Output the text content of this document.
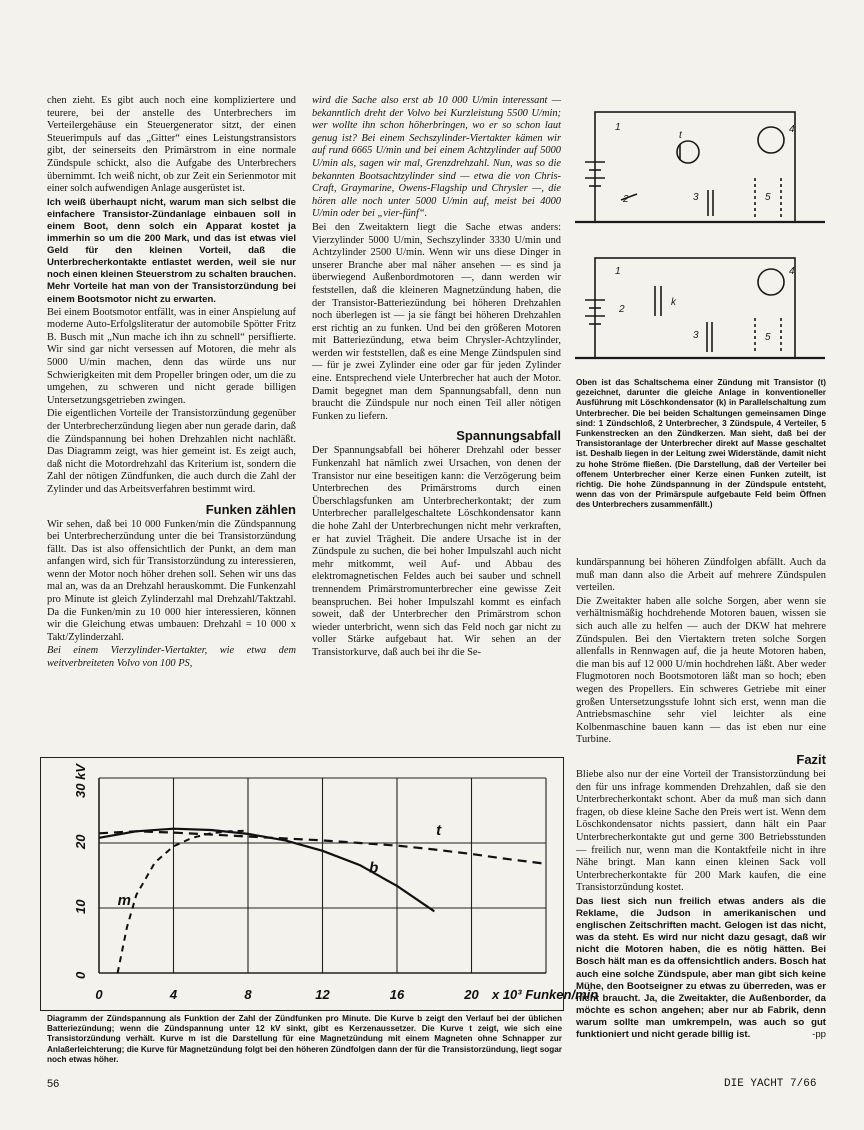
chen zieht. Es gibt auch noch eine kompliziertere und teurere, bei der anstelle des Unterbrechers im Verteilergehäuse ein Steuergenerator sitzt, der einen Steuerimpuls auf das „Gitter“ eines Leistungstransistors gibt, der seinerseits den Primärstrom in eine normale Zündspule schickt, also die Aufgabe des Unterbrechers übernimmt. Ich weiß nicht, ob zur Zeit ein Serienmotor mit einer solch aufwendigen Anlage ausgerüstet ist.

Ich weiß überhaupt nicht, warum man sich selbst die einfachere Transistor-Zündanlage einbauen soll in einem Boot, denn solch ein Apparat kostet ja immerhin so um die 200 Mark, und das ist etwas viel Geld für den kleinen Vorteil, daß die Unterbrecherkontakte entlastet werden, weil sie nur noch einen kleinen Steuerstrom zu schalten brauchen. Mehr Vorteile hat man von der Transistorzündung bei einem Bootsmotor nicht zu erwarten.

Bei einem Bootsmotor entfällt, was in einer Anspielung auf moderne Auto-Erfolgsliteratur der automobile Spötter Fritz B. Busch mit „Nun mache ich ihn zu schnell“ persiflierte. Wir sind gar nicht versessen auf Motoren, die mehr als 5000 U/min machen, denn das würde uns nur Schwierigkeiten mit dem Propeller bringen oder, um die zu umgehen, zu schweren und nicht gerade billigen Untersetzungsgetrieben zwingen.

Die eigentlichen Vorteile der Transistorzündung gegenüber der Unterbrecherzündung liegen aber nun gerade darin, daß die Zündspannung bei hohen Drehzahlen nicht nachläßt. Das Diagramm zeigt, was hier gemeint ist. Es zeigt auch, daß nicht die Motordrehzahl das Kriterium ist, sondern die Zahl der nötigen Zündfunken, die auch durch die Zahl der Zylinder und das Arbeitsverfahren bestimmt wird.

Funken zählen

Wir sehen, daß bei 10 000 Funken/min die Zündspannung bei Unterbrecherzündung unter die bei Transistorzündung fällt. Das ist also offensichtlich der Punkt, an dem man anfangen wird, sich für Transistorzündung zu interessieren, wenn der Motor noch höher drehen soll. Sehen wir uns das mal an, was da an Drehzahl herauskommt. Die Funkenzahl pro Minute ist gleich Zylinderzahl mal Drehzahl/Taktzahl. Da die Funken/min zu 10 000 hier interessieren, können wir die Gleichung etwas umbauen: Drehzahl = 10 000 x Takt/Zylinderzahl.

Bei einem Vierzylinder-Viertakter, wie etwa dem weitverbreiteten Volvo von 100 PS,

wird die Sache also erst ab 10 000 U/min interessant — bekanntlich dreht der Volvo bei Kurzleistung 5500 U/min; wer wollte ihn schon höherbringen, wo er so schon laut genug ist? Bei einem Sechszylinder-Viertakter kämen wir auf rund 6665 U/min und bei einem Achtzylinder auf 5000 U/min als, sagen wir mal, Grenzdrehzahl. Nun, was so die bekannten Bootsachtzylinder sind — etwa die von Chris-Craft, Graymarine, Owens-Flagship und Chrysler —, die hören alle noch unter 5000 U/min auf, meist bei 4000 U/min oder bei „vier-fünf“.

Bei den Zweitaktern liegt die Sache etwas anders: Vierzylinder 5000 U/min, Sechszylinder 3330 U/min und Achtzylinder 2500 U/min. Wenn wir uns diese Dinger in unserer Branche aber mal näher ansehen — es sind ja überwiegend Außenbordmotoren —, dann werden wir feststellen, daß die kleineren Magnetzündung haben, die der Transistor-Batteriezündung bei höheren Drehzahlen noch überlegen ist — ja sie fängt bei höheren Drehzahlen erst richtig an zu funken. Und bei den größeren Motoren mit Batteriezündung, etwa beim Chrysler-Achtzylinder, werden wir feststellen, daß es eine Menge Zündspulen sind — für je zwei Zylinder eine oder gar für jeden Zylinder eine. Entsprechend viele Unterbrecher hat auch der Motor. Damit begegnet man dem Spannungsabfall, denn nun braucht die Zündspule nur noch einen Teil aller nötigen Funken zu liefern.

Spannungsabfall

Der Spannungsabfall bei höherer Drehzahl oder besser Funkenzahl hat nämlich zwei Ursachen, von denen der Transistor nur eine beseitigen kann: die Verzögerung beim Unterbrechen des Primärstroms durch einen Überschlagsfunken am Unterbrecherkontakt; der zum Unterbrecher parallelgeschaltete Löschkondensator kann die hohe Zahl der Unterbrechungen nicht mehr verkraften, er hat zuviel Trägheit. Die andere Ursache ist in der Zündspule zu suchen, die bei hoher Impulszahl auch nicht mehr mitkommt, weil Auf- und Abbau des elektromagnetischen Feldes auch bei sauber und schnell trennendem Primärstromunterbrecher eine gewisse Zeit beanspruchen. Bei hoher Impulszahl kommt es einfach soweit, daß der Unterbrecher den Primärstrom schon wieder unterbricht, wenn sich das Feld noch gar nicht zu voller Stärke aufgebaut hat. Wir sehen an der Transistorkurve, daß auch bei ihr die Se-

1
t
2	3
4
5
1
k
2
3
4
5
Oben ist das Schaltschema einer Zündung mit Transistor (t) gezeichnet, darunter die gleiche Anlage in konventioneller Ausführung mit Löschkondensator (k) in Parallelschaltung zum Unterbrecher. Die bei beiden Schaltungen gemeinsamen Dinge sind: 1 Zündschloß, 2 Unterbrecher, 3 Zündspule, 4 Verteiler, 5 Funkenstrecken an den Zündkerzen. Man sieht, daß bei der Transistoranlage der Unterbrecher direkt auf Masse geschaltet ist. Deshalb liegen in der Leitung zwei Widerstände, damit nicht zu hohe Ströme fließen. (Die Darstellung, daß der Verteiler bei offenem Unterbrecher einer Kerze einen Funken zuteilt, ist richtig. Die hohe Zündspannung in der Zündspule entsteht, wenn das von der Primärspule aufgebaute Feld beim Öffnen des Unterbrechers zusammenfällt.)

kundärspannung bei höheren Zündfolgen abfällt. Auch da muß man dann also die Arbeit auf mehrere Zündspulen verteilen.

Die Zweitakter haben alle solche Sorgen, aber wenn sie verhältnismäßig hochdrehende Motoren bauen, wissen sie sich auch alle zu helfen — auch der DKW hat mehrere Zündspulen. Bei den Viertaktern treten solche Sorgen allenfalls in Rennwagen auf, die ja heute Motoren haben, die man bis auf 12 000 U/min hochdrehen läßt. Aber weder Flugmotoren noch Bootsmotoren läßt man so hoch; eben wegen des Propellers. Ein schweres Getriebe mit einer großen Untersetzungsstufe lohnt sich erst, wenn man die Antriebsmaschine sehr viel leichter als eine Kolbenmaschine bauen kann — das ist eben nur eine Turbine.

Fazit

Bliebe also nur der eine Vorteil der Transistorzündung bei den für uns infrage kommenden Drehzahlen, daß sie den Unterbrecherkontakt schont. Aber da muß man sich dann fragen, ob diese kleine Sache den Preis wert ist. Wenn dem Löschkondensator nichts passiert, dann hält ein Paar Unterbrecherkontakte gut und gerne 300 Betriebsstunden — freilich nur, wenn man die Kontaktfeile nicht in ihre Nähe bringt. Man kann einen kleinen Sack voll Unterbrecherkontakte für 200 Mark kaufen, die eine Transistorzündung kostet.

Das liest sich nun freilich etwas anders als die Reklame, die Judson in amerikanischen und englischen Zeitschriften macht. Gelogen ist das nicht, was da steht. Es wird nur nicht dazu gesagt, daß wir nicht die Motoren haben, die es nötig hätten. Bei Bosch hält man es da offensichtlich anders. Bosch hat auch eine solche Zündspule, aber man gibt sich keine Mühe, den Bootseigner zu etwas zu überreden, was er nicht braucht. Ja, die Zweitakter, die Außenborder, da möchte es schon angehen; aber nur ab Fabrik, denn warum sollte man umkrempeln, was auch so gut funktioniert und nicht gerade billig ist.	-pp

0
10
20
30 kV
0	4	8	12	16	20 x 10³ Funken/min
t
b
m
Diagramm der Zündspannung als Funktion der Zahl der Zündfunken pro Minute. Die Kurve b zeigt den Verlauf bei der üblichen Batteriezündung; wenn die Zündspannung unter 12 kV sinkt, gibt es Kerzenaussetzer. Die Kurve t zeigt, wie sich eine Transistorzündung verhält. Kurve m ist die Darstellung für eine Magnetzündung mit einem Magneten ohne Schnapper zur Anlaßerleichterung; die Kurve für Magnetzündung folgt bei den höheren Zündfolgen dann der für die Transistorzündung, liegt sogar noch etwas höher.
56	DIE YACHT 7/66
